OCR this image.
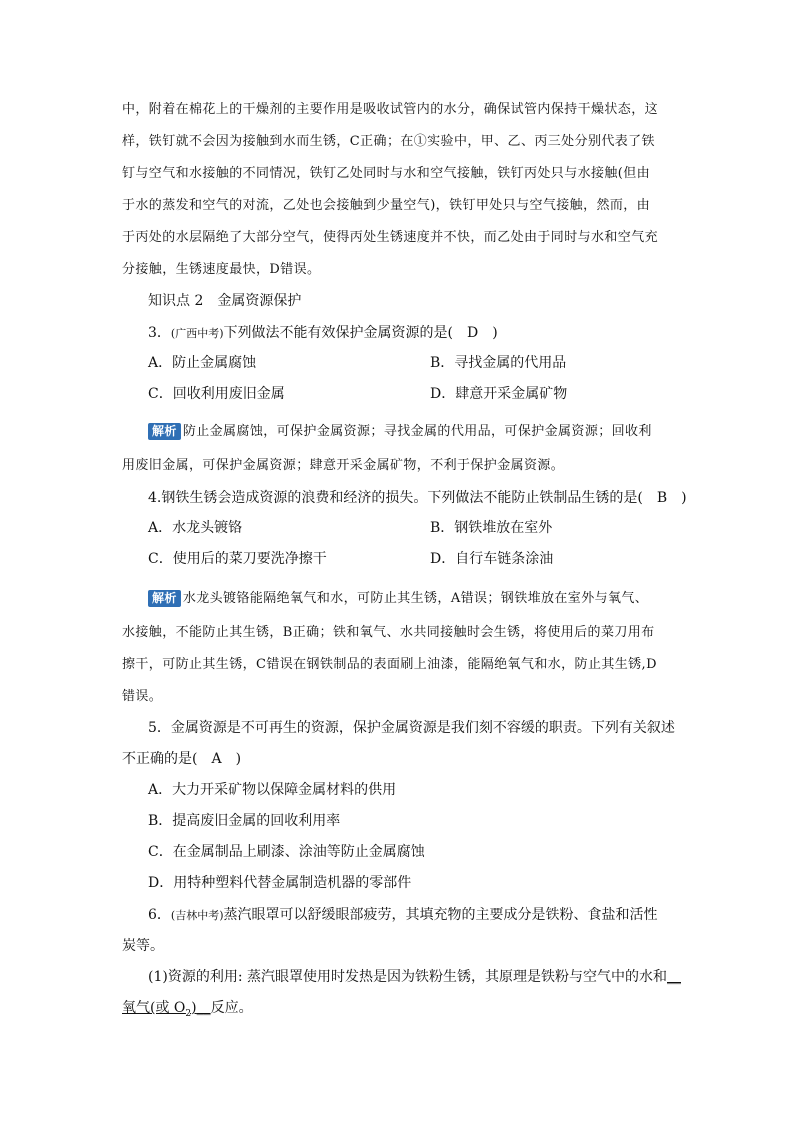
中，附着在棉花上的干燥剂的主要作用是吸收试管内的水分，确保试管内保持干燥状态，这
样，铁钉就不会因为接触到水而生锈，C正确；在①实验中，甲、乙、丙三处分别代表了铁
钉与空气和水接触的不同情况，铁钉乙处同时与水和空气接触，铁钉丙处只与水接触(但由
于水的蒸发和空气的对流，乙处也会接触到少量空气)，铁钉甲处只与空气接触，然而，由
于丙处的水层隔绝了大部分空气，使得丙处生锈速度并不快，而乙处由于同时与水和空气充
分接触，生锈速度最快，D错误。
知识点 2　金属资源保护
3．(广西中考)下列做法不能有效保护金属资源的是(　D　)
A．防止金属腐蚀	B．寻找金属的代用品
C．回收利用废旧金属	D．肆意开采金属矿物
解析 防止金属腐蚀，可保护金属资源；寻找金属的代用品，可保护金属资源；回收利
用废旧金属，可保护金属资源；肆意开采金属矿物，不利于保护金属资源。
4.钢铁生锈会造成资源的浪费和经济的损失。下列做法不能防止铁制品生锈的是(　B　)
A．水龙头镀铬	B．钢铁堆放在室外
C．使用后的菜刀要洗净擦干	D．自行车链条涂油
解析 水龙头镀铬能隔绝氧气和水，可防止其生锈，A错误；钢铁堆放在室外与氧气、
水接触，不能防止其生锈，B正确；铁和氧气、水共同接触时会生锈，将使用后的菜刀用布
擦干，可防止其生锈，C错误在钢铁制品的表面刷上油漆，能隔绝氧气和水，防止其生锈,D
错误。
5．金属资源是不可再生的资源，保护金属资源是我们刻不容缓的职责。下列有关叙述
不正确的是(　A　)
A．大力开采矿物以保障金属材料的供用
B．提高废旧金属的回收利用率
C．在金属制品上刷漆、涂油等防止金属腐蚀
D．用特种塑料代替金属制造机器的零部件
6．(吉林中考)蒸汽眼罩可以舒缓眼部疲劳，其填充物的主要成分是铁粉、食盐和活性
炭等。
(1)资源的利用: 蒸汽眼罩使用时发热是因为铁粉生锈，其原理是铁粉与空气中的水和__
氧气(或 $O_2)\_\_$反应。
